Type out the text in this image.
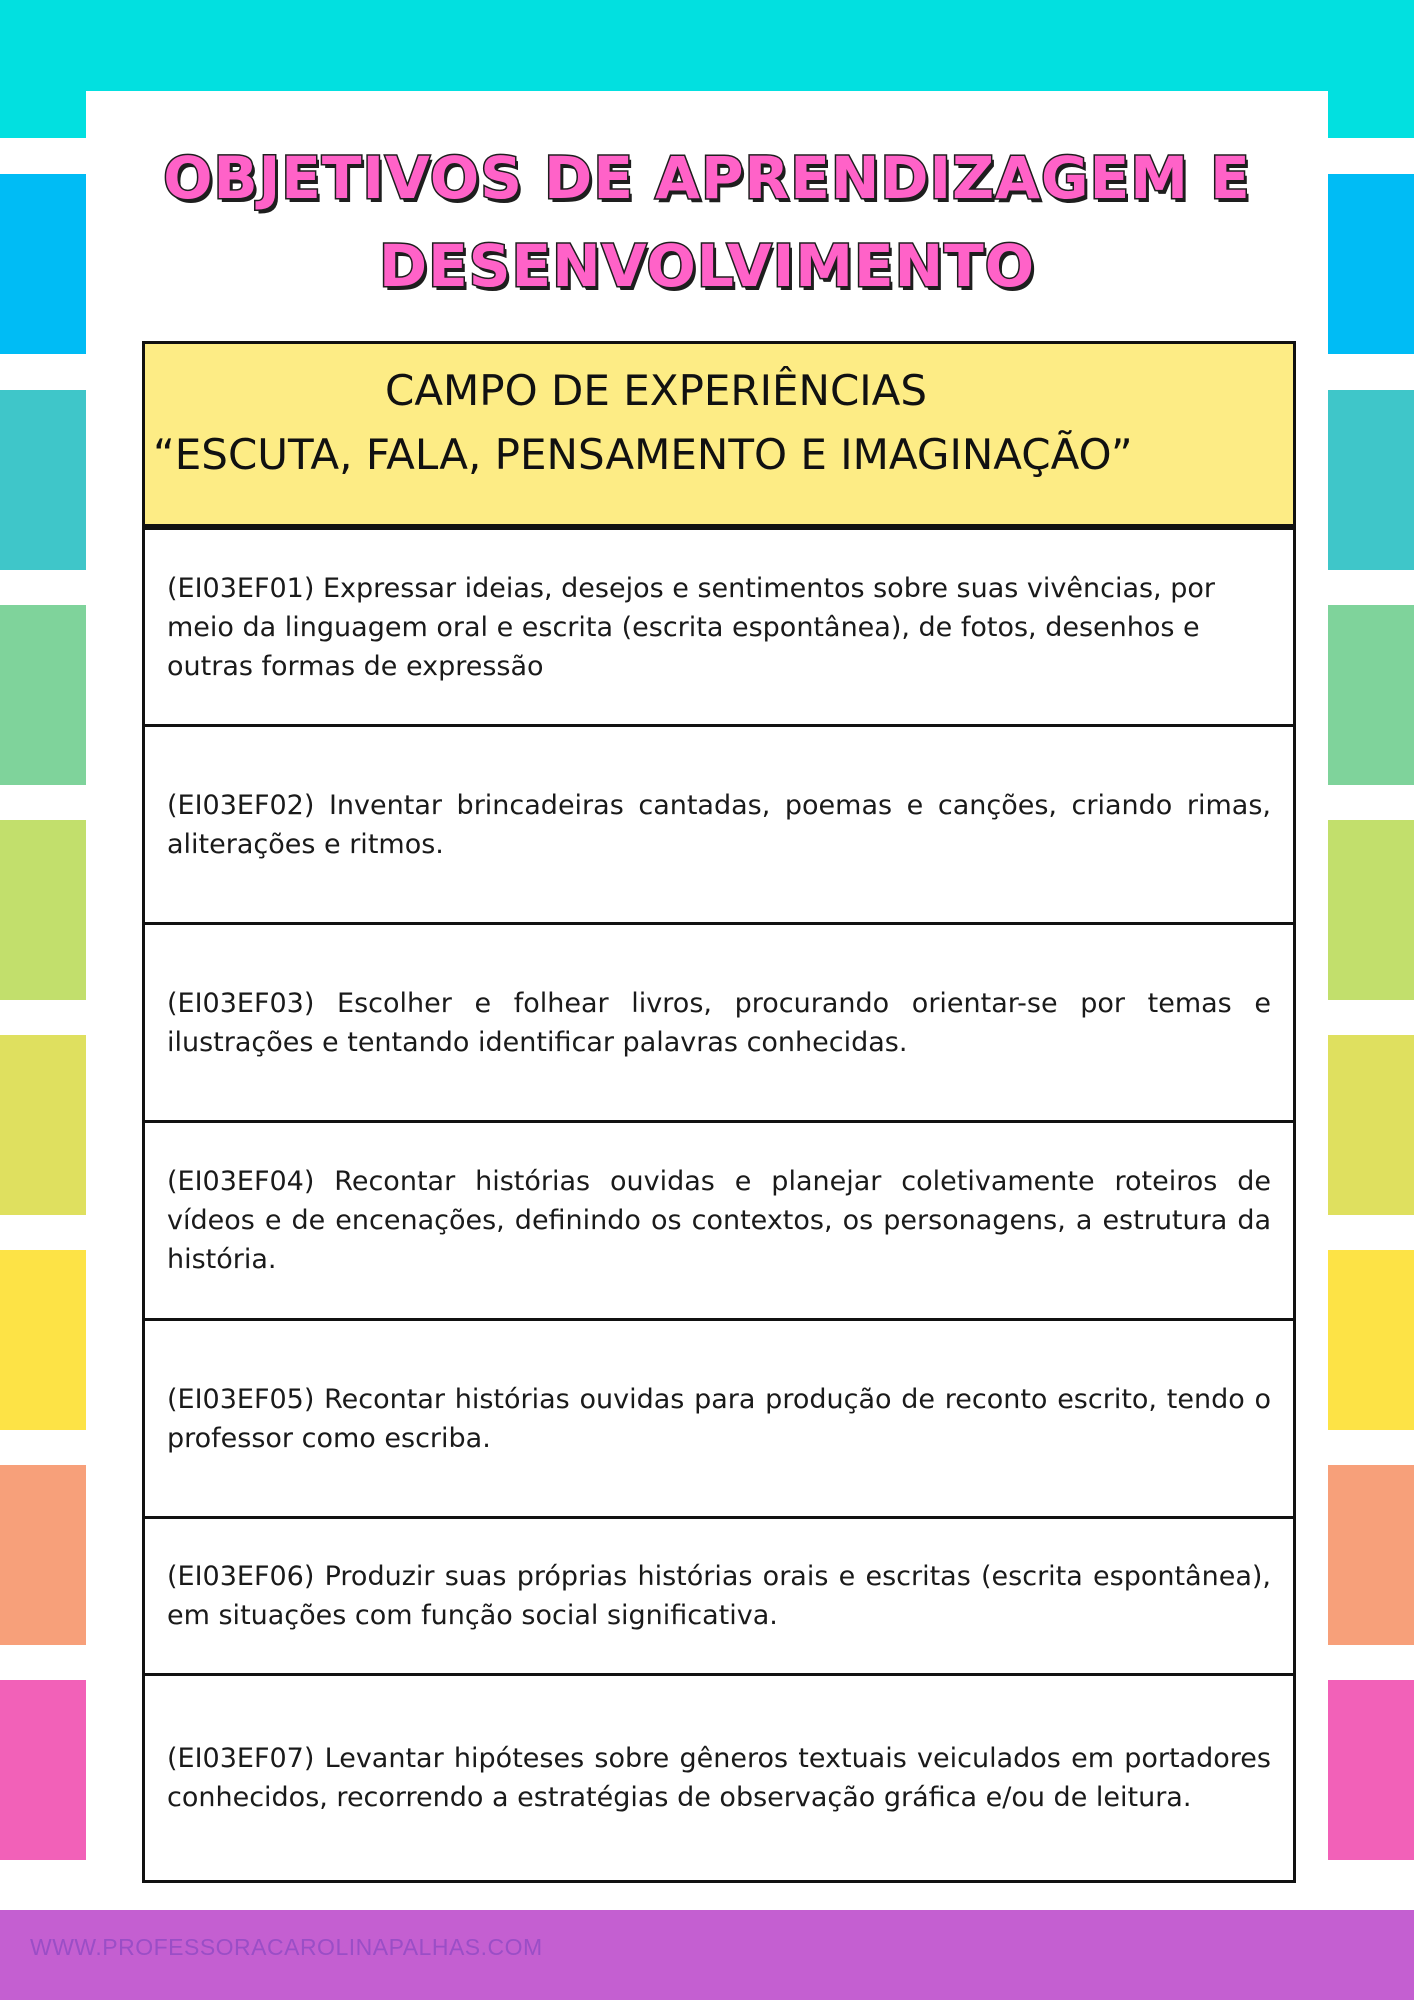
WWW.PROFESSORACAROLINAPALHAS.COM
OBJETIVOS DE APRENDIZAGEM E
DESENVOLVIMENTO
CAMPO DE EXPERIÊNCIAS
“ESCUTA, FALA, PENSAMENTO E IMAGINAÇÃO”

(EI03EF01) Expressar ideias, desejos e sentimentos sobre suas vivências, por meio da linguagem oral e escrita (escrita espontânea), de fotos, desenhos e outras formas de expressão

(EI03EF02) Inventar brincadeiras cantadas, poemas e canções, criando rimas, aliterações e ritmos.

(EI03EF03) Escolher e folhear livros, procurando orientar-se por temas e ilustrações e tentando identificar palavras conhecidas.

(EI03EF04) Recontar histórias ouvidas e planejar coletivamente roteiros de vídeos e de encenações, definindo os contextos, os personagens, a estrutura da história.

(EI03EF05) Recontar histórias ouvidas para produção de reconto escrito, tendo o professor como escriba.

(EI03EF06) Produzir suas próprias histórias orais e escritas (escrita espontânea), em situações com função social significativa.

(EI03EF07) Levantar hipóteses sobre gêneros textuais veiculados em portadores conhecidos, recorrendo a estratégias de observação gráfica e/ou de leitura.
